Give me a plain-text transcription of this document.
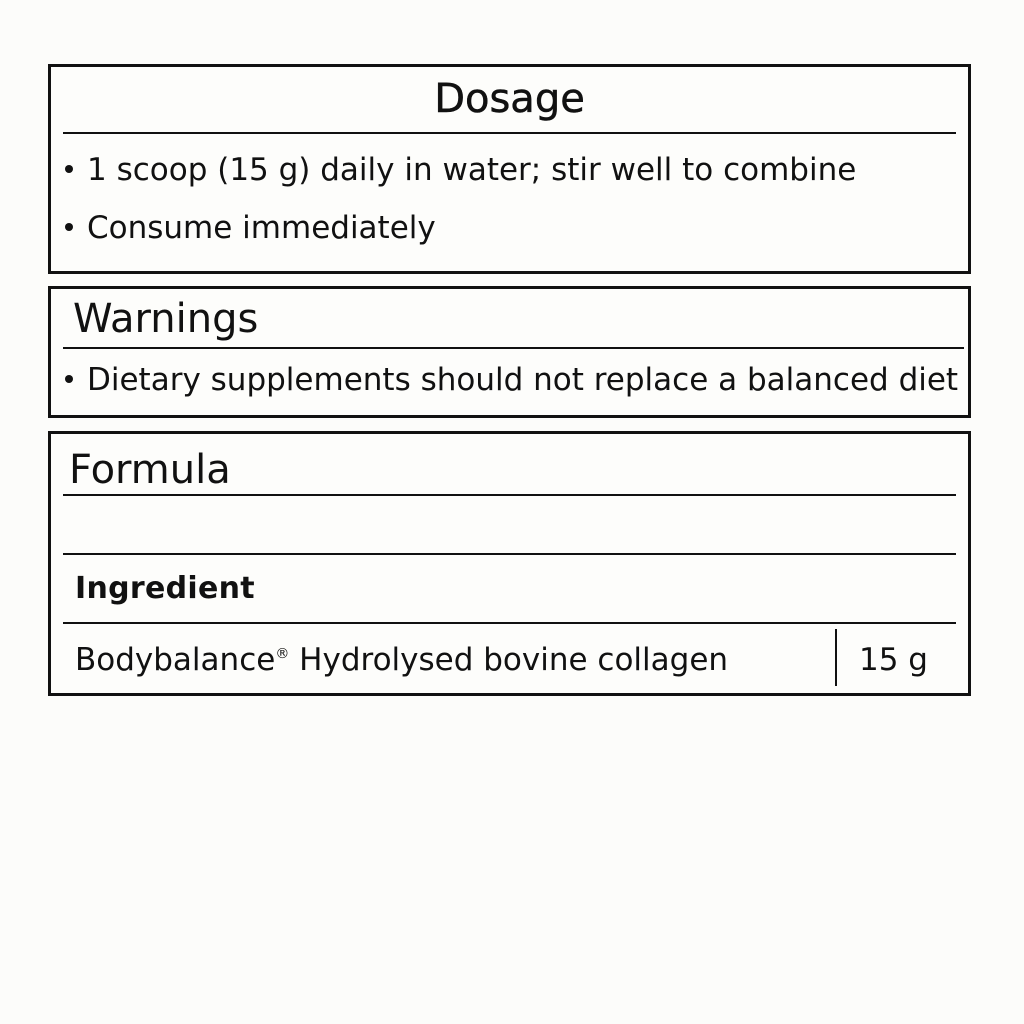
Dosage
1 scoop (15 g) daily in water; stir well to combine
Consume immediately
Warnings
Dietary supplements should not replace a balanced diet
Formula
Ingredient
Bodybalance® Hydrolysed bovine collagen	15 g
